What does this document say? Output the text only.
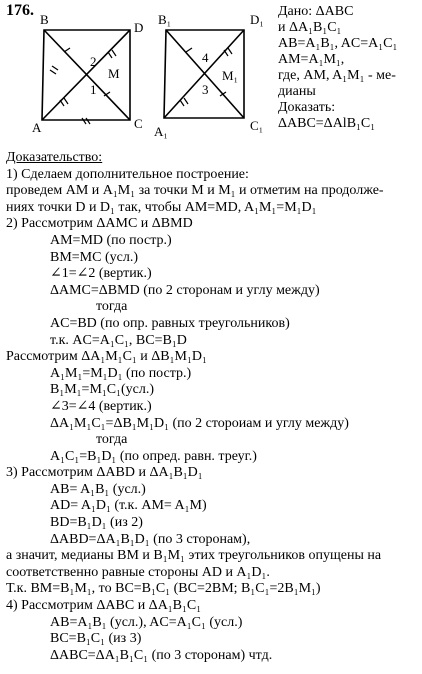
176.
B
D
A	C
M
2
1
B₁	D₁
A₁	C₁
M₁
4
3
Дано: ΔABC
и ΔA₁B₁C₁
AB=A₁B₁, AC=A₁C₁
AM=A₁M₁,
где, AM, A₁M₁ - ме-
дианы
Доказать:
ΔABC=ΔAlB₁C₁
Доказательство:
1) Сделаем дополнительное построение:
проведем AM и A₁M₁ за точки M и M₁ и отметим на продолже-
ниях точки D и D₁ так, чтобы AM=MD, A₁M₁=M₁D₁
2) Рассмотрим ΔAMC и ΔBMD
AM=MD (по постр.)
BM=MC (усл.)
∠1=∠2 (вертик.)
ΔAMC=ΔBMD (по 2 сторонам и углу между)
тогда
AC=BD (по опр. равных треугольников)
т.к. AC=A₁C₁, BC=B₁D
Рассмотрим ΔA₁M₁C₁ и ΔB₁M₁D₁
A₁M₁=M₁D₁ (по постр.)
B₁M₁=M₁C₁(усл.)
∠3=∠4 (вертик.)
ΔA₁M₁C₁=ΔB₁M₁D₁ (по 2 стороиам и углу между)
тогда
A₁C₁=B₁D₁ (по опред. равн. треуг.)
3) Рассмотрим ΔABD и ΔA₁B₁D₁
AB= A₁B₁ (усл.)
AD= A₁D₁ (т.к. AM= A₁M)
BD=B₁D₁ (из 2)
ΔABD=ΔA₁B₁D₁ (по 3 сторонам),
а значит, медианы BM и B₁M₁ этих треугольников опущены на
соответственно равные стороны AD и A₁D₁.
Т.к. BM=B₁M₁, то BC=B₁C₁ (BC=2BM; B₁C₁=2B₁M₁)
4) Рассмотрим ΔABC и ΔA₁B₁C₁
AB=A₁B₁ (усл.), AC=A₁C₁ (усл.)
BC=B₁C₁ (из 3)
ΔABC=ΔA₁B₁C₁ (по 3 сторонам) чтд.
